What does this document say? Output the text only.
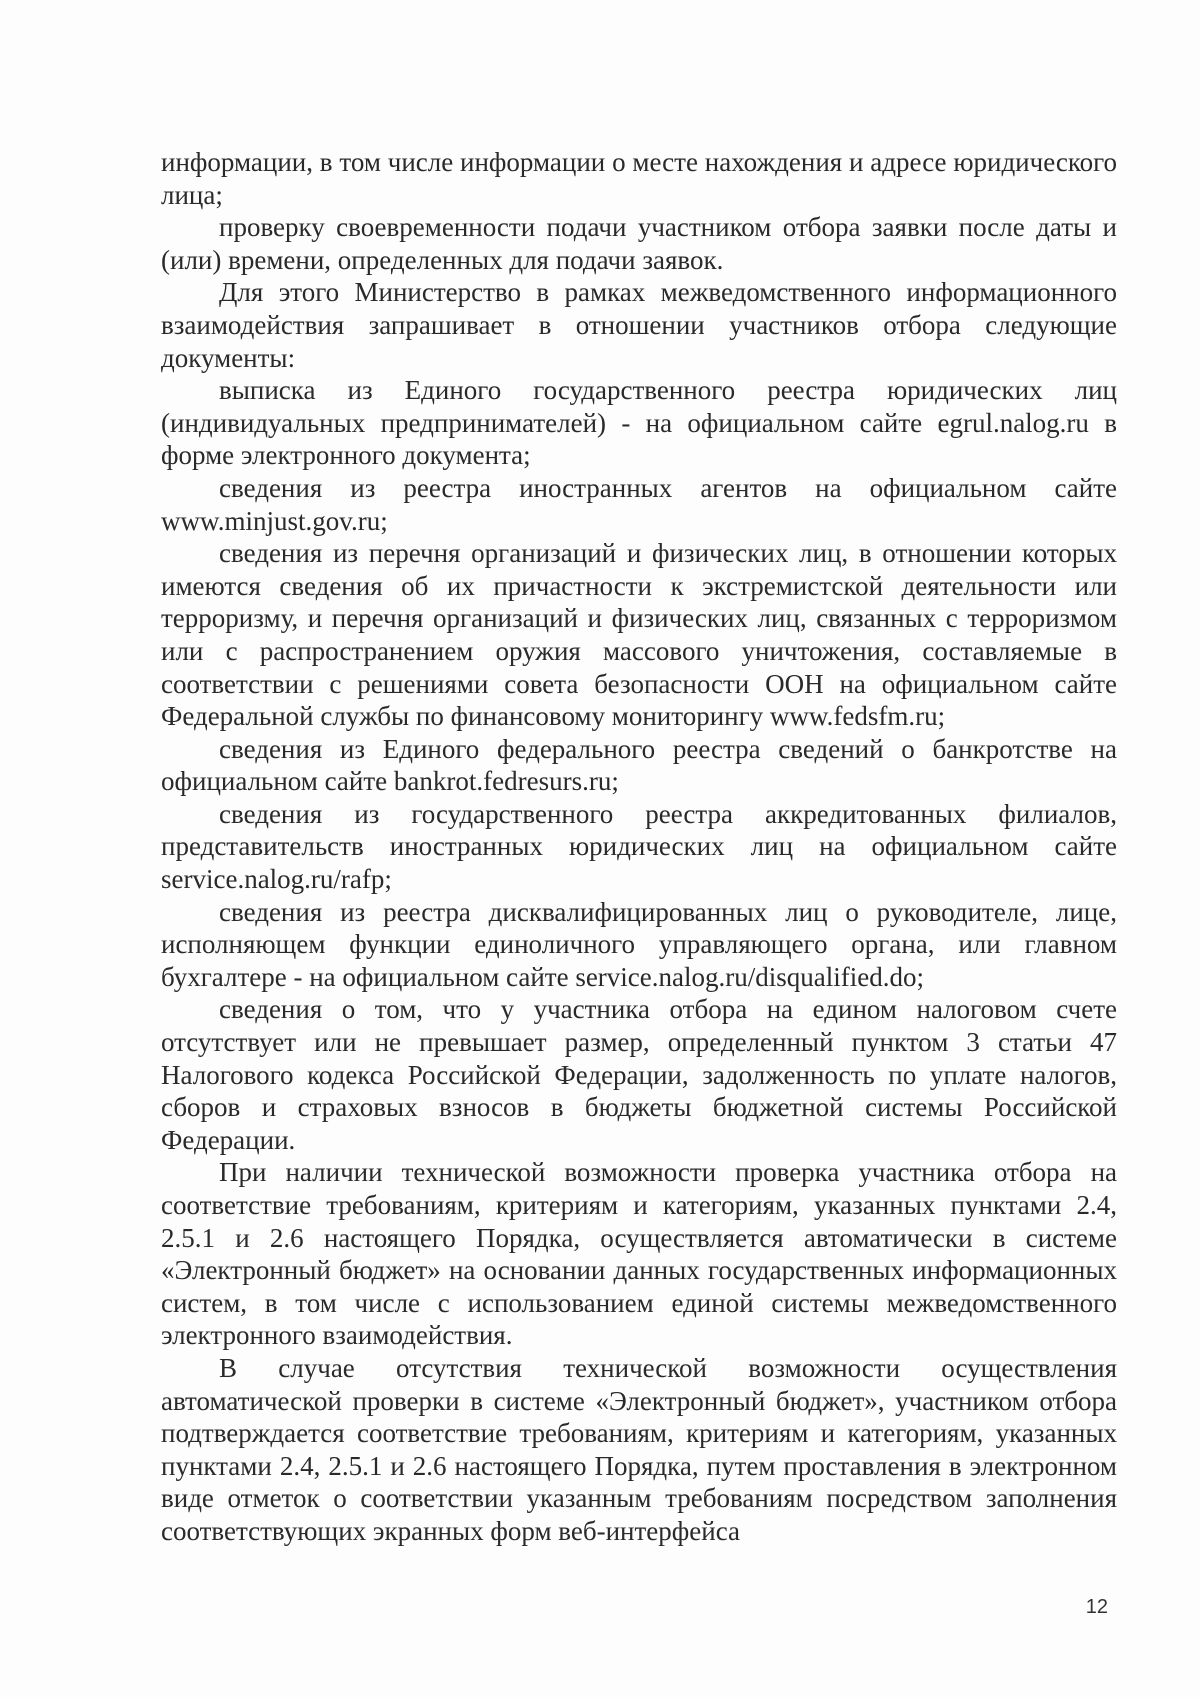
информации, в том числе информации о месте нахождения и адресе юридического лица;

проверку своевременности подачи участником отбора заявки после даты и (или) времени, определенных для подачи заявок.

Для этого Министерство в рамках межведомственного информационного взаимодействия запрашивает в отношении участников отбора следующие документы:

выписка из Единого государственного реестра юридических лиц (индивидуальных предпринимателей) - на официальном сайте egrul.nalog.ru в форме электронного документа;

сведения из реестра иностранных агентов на официальном сайте www.minjust.gov.ru;

сведения из перечня организаций и физических лиц, в отношении которых имеются сведения об их причастности к экстремистской деятельности или терроризму, и перечня организаций и физических лиц, связанных с терроризмом или с распространением оружия массового уничтожения, составляемые в соответствии с решениями совета безопасности ООН на официальном сайте Федеральной службы по финансовому мониторингу www.fedsfm.ru;

сведения из Единого федерального реестра сведений о банкротстве на официальном сайте bankrot.fedresurs.ru;

сведения из государственного реестра аккредитованных филиалов, представительств иностранных юридических лиц на официальном сайте service.nalog.ru/rafp;

сведения из реестра дисквалифицированных лиц о руководителе, лице, исполняющем функции единоличного управляющего органа, или главном бухгалтере - на официальном сайте service.nalog.ru/disqualified.do;

сведения о том, что у участника отбора на едином налоговом счете отсутствует или не превышает размер, определенный пунктом 3 статьи 47 Налогового кодекса Российской Федерации, задолженность по уплате налогов, сборов и страховых взносов в бюджеты бюджетной системы Российской Федерации.

При наличии технической возможности проверка участника отбора на соответствие требованиям, критериям и категориям, указанных пунктами 2.4, 2.5.1 и 2.6 настоящего Порядка, осуществляется автоматически в системе «Электронный бюджет» на основании данных государственных информационных систем, в том числе с использованием единой системы межведомственного электронного взаимодействия.

В случае отсутствия технической возможности осуществления автоматической проверки в системе «Электронный бюджет», участником отбора подтверждается соответствие требованиям, критериям и категориям, указанных пунктами 2.4, 2.5.1 и 2.6 настоящего Порядка, путем проставления в электронном виде отметок о соответствии указанным требованиям посредством заполнения соответствующих экранных форм веб-интерфейса

12
